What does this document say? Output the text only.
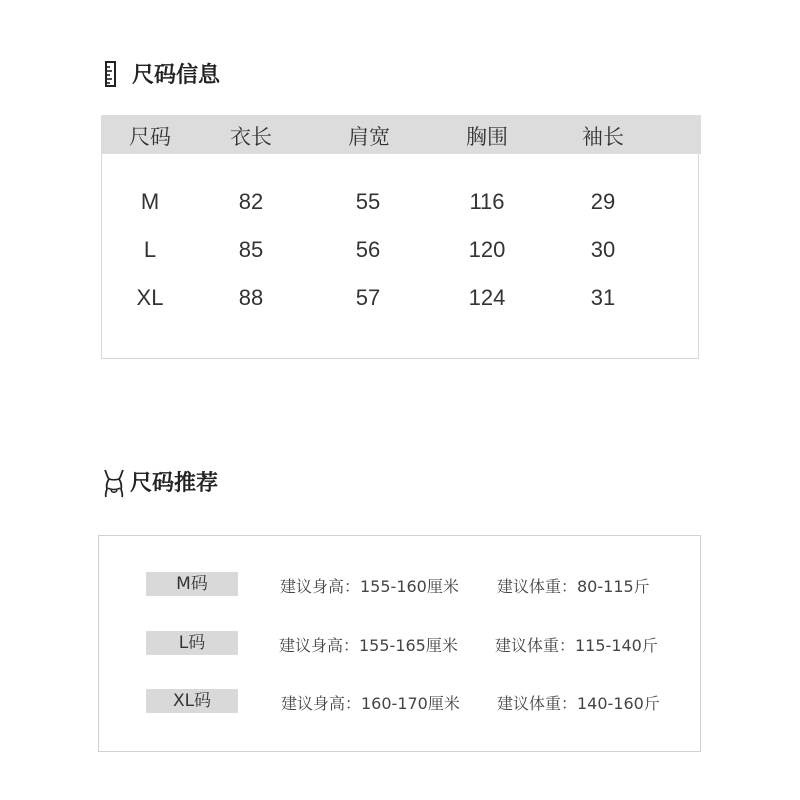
尺码信息
尺码	衣长	肩宽	胸围	袖长
M	82	55	116	29
L	85	56	120	30
XL	88	57	124	31
尺码推荐
M码	建议身高：155-160厘米 建议体重：80-115斤
L码	建议身高：155-165厘米 建议体重：115-140斤
XL码	建议身高：160-170厘米 建议体重：140-160斤
